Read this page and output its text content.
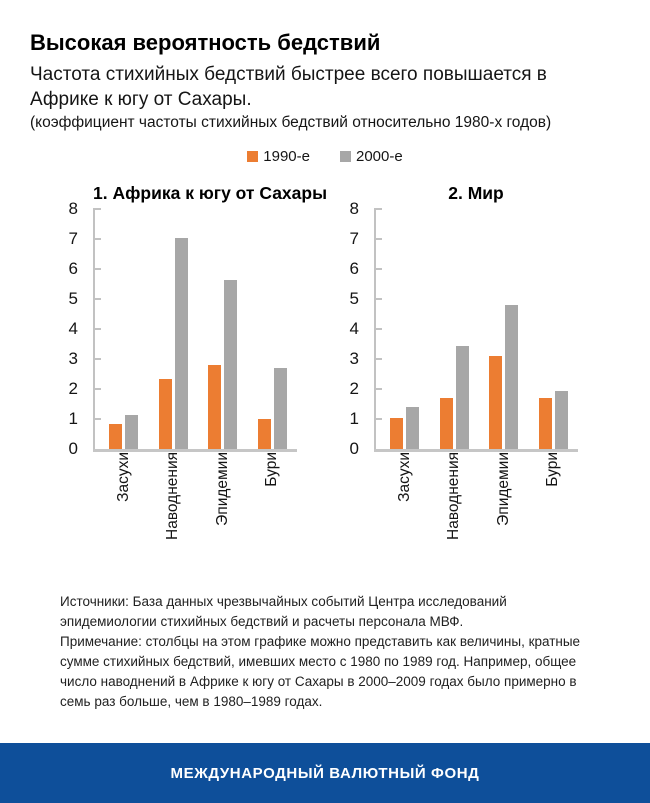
Высокая вероятность бедствий

Частота стихийных бедствий быстрее всего повышается в Африке к югу от Сахары.

(коэффициент частоты стихийных бедствий относительно 1980-х годов)

1990-е	2000-е
1. Африка к югу от Сахары
0
1
2
3
4
5
6
7
8
Засухи Наводнения Эпидемии Бури
2. Мир
0
1
2
3
4
5
6
7
8
Засухи Наводнения Эпидемии Бури

Источники: База данных чрезвычайных событий Центра исследований эпидемиологии стихийных бедствий и расчеты персонала МВФ.

Примечание: столбцы на этом графике можно представить как величины, кратные сумме стихийных бедствий, имевших место с 1980 по 1989 год. Например, общее число наводнений в Африке к югу от Сахары в 2000–2009 годах было примерно в семь раз больше, чем в 1980–1989 годах.

МЕЖДУНАРОДНЫЙ ВАЛЮТНЫЙ ФОНД
